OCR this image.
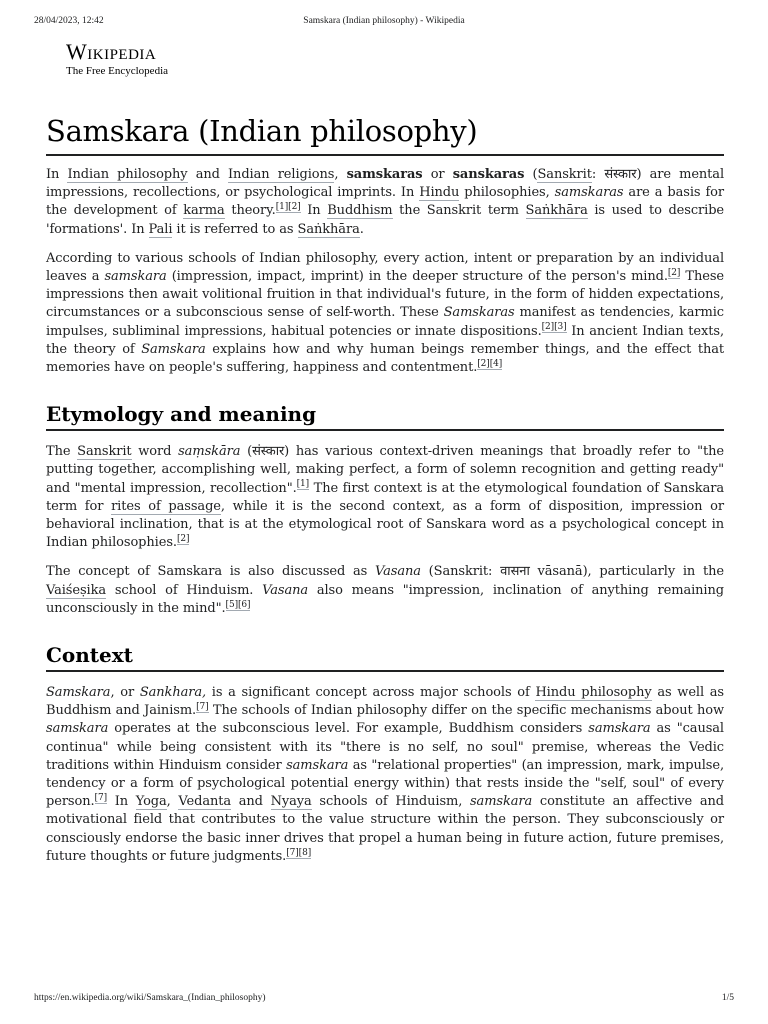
28/04/2023, 12:42	Samskara (Indian philosophy) - Wikipedia
Wikipedia
The Free Encyclopedia
Samskara (Indian philosophy)

In Indian philosophy and Indian religions, samskaras or sanskaras (Sanskrit: संस्कार) are mental impressions, recollections, or psychological imprints. In Hindu philosophies, samskaras are a basis for the development of karma theory.[1][2] In Buddhism the Sanskrit term Saṅkhāra is used to describe 'formations'. In Pali it is referred to as Saṅkhāra.

According to various schools of Indian philosophy, every action, intent or preparation by an individual leaves a samskara (impression, impact, imprint) in the deeper structure of the person's mind.[2] These impressions then await volitional fruition in that individual's future, in the form of hidden expectations, circumstances or a subconscious sense of self-worth. These Samskaras manifest as tendencies, karmic impulses, subliminal impressions, habitual potencies or innate dispositions.[2][3] In ancient Indian texts, the theory of Samskara explains how and why human beings remember things, and the effect that memories have on people's suffering, happiness and contentment.[2][4]

Etymology and meaning

The Sanskrit word saṃskāra (संस्कार) has various context-driven meanings that broadly refer to "the putting together, accomplishing well, making perfect, a form of solemn recognition and getting ready" and "mental impression, recollection".[1] The first context is at the etymological foundation of Sanskara term for rites of passage, while it is the second context, as a form of disposition, impression or behavioral inclination, that is at the etymological root of Sanskara word as a psychological concept in Indian philosophies.[2]

The concept of Samskara is also discussed as Vasana (Sanskrit: वासना vāsanā), particularly in the Vaiśeṣika school of Hinduism. Vasana also means "impression, inclination of anything remaining unconsciously in the mind".[5][6]

Context

Samskara, or Sankhara, is a significant concept across major schools of Hindu philosophy as well as Buddhism and Jainism.[7] The schools of Indian philosophy differ on the specific mechanisms about how samskara operates at the subconscious level. For example, Buddhism considers samskara as "causal continua" while being consistent with its "there is no self, no soul" premise, whereas the Vedic traditions within Hinduism consider samskara as "relational properties" (an impression, mark, impulse, tendency or a form of psychological potential energy within) that rests inside the "self, soul" of every person.[7] In Yoga, Vedanta and Nyaya schools of Hinduism, samskara constitute an affective and motivational field that contributes to the value structure within the person. They subconsciously or consciously endorse the basic inner drives that propel a human being in future action, future premises, future thoughts or future judgments.[7][8]

https://en.wikipedia.org/wiki/Samskara_(Indian_philosophy)	1/5
